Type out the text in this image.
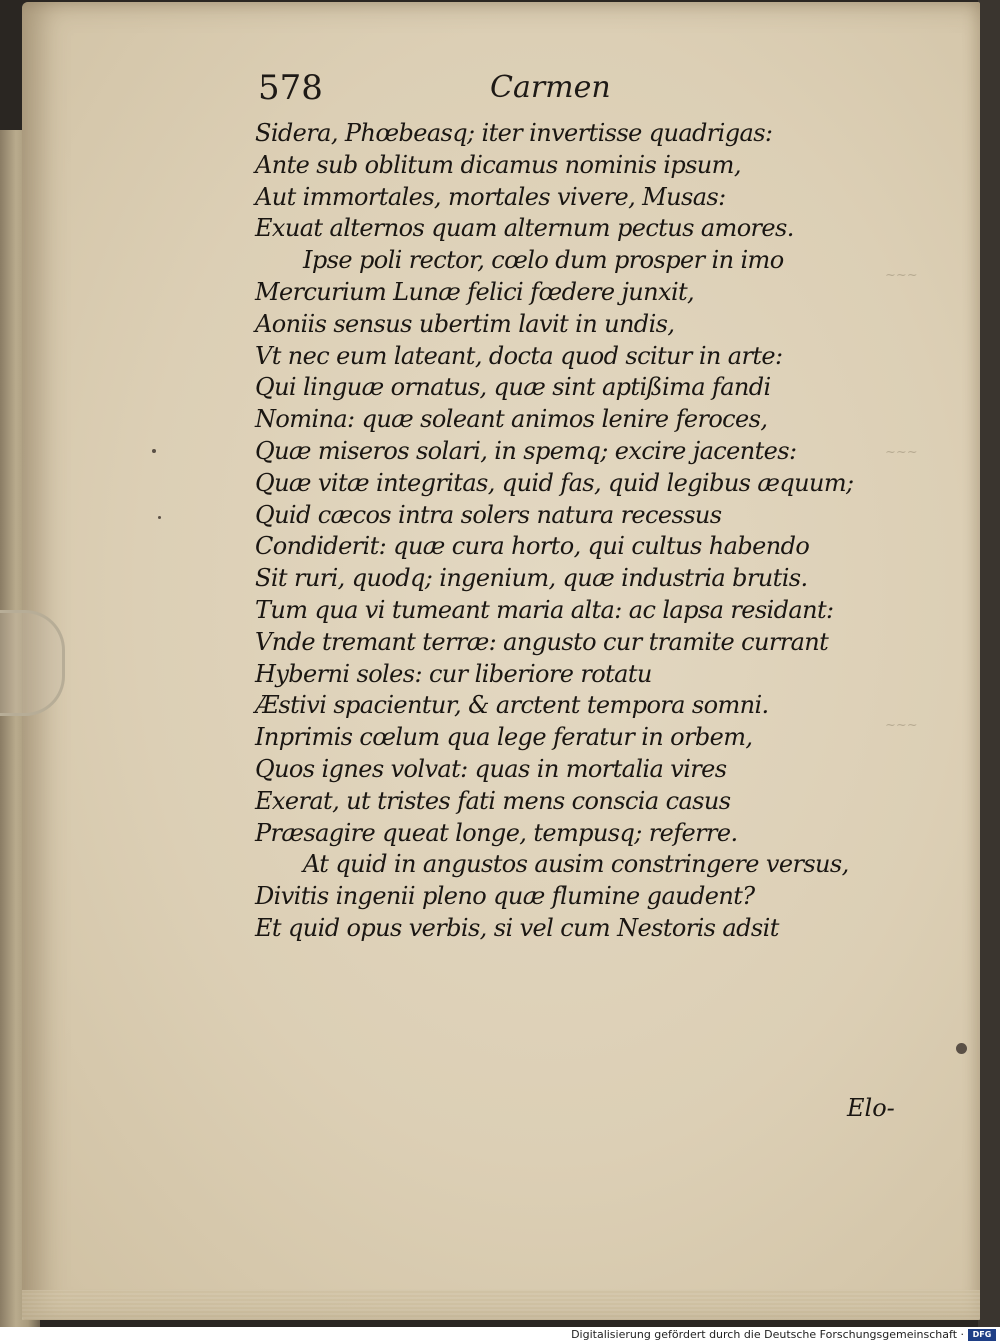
~~~
~~~
~~~
578	Carmen
Sidera, Phœbeasq; iter invertisse quadrigas:
Ante sub oblitum dicamus nominis ipsum,
Aut immortales, mortales vivere, Musas:
Exuat alternos quam alternum pectus amores.
Ipse poli rector, cœlo dum prosper in imo
Mercurium Lunæ felici fœdere junxit,
Aoniis sensus ubertim lavit in undis,
Vt nec eum lateant, docta quod scitur in arte:
Qui linguæ ornatus, quæ sint aptißima fandi
Nomina: quæ soleant animos lenire feroces,
Quæ miseros solari, in spemq; excire jacentes:
Quæ vitæ integritas, quid fas, quid legibus æquum;
Quid cæcos intra solers natura recessus
Condiderit: quæ cura horto, qui cultus habendo
Sit ruri, quodq; ingenium, quæ industria brutis.
Tum qua vi tumeant maria alta: ac lapsa residant:
Vnde tremant terræ: angusto cur tramite currant
Hyberni soles: cur liberiore rotatu
Æstivi spacientur, & arctent tempora somni.
Inprimis cœlum qua lege feratur in orbem,
Quos ignes volvat: quas in mortalia vires
Exerat, ut tristes fati mens conscia casus
Præsagire queat longe, tempusq; referre.
At quid in angustos ausim constringere versus,
Divitis ingenii pleno quæ flumine gaudent?
Et quid opus verbis, si vel cum Nestoris adsit
Elo-
Digitalisierung gefördert durch die Deutsche Forschungsgemeinschaft ·	DFG
